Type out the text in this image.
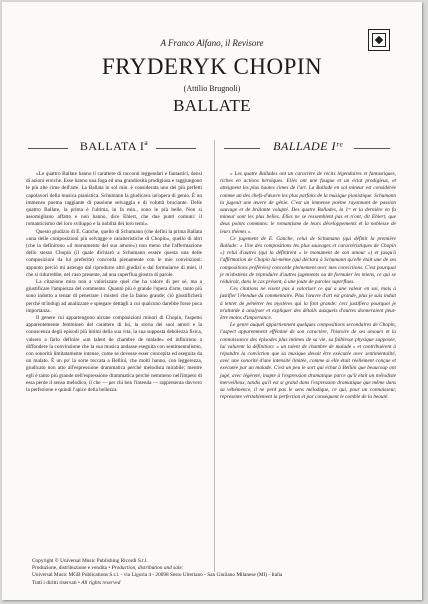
A Franco Alfano, il Revisore
FRYDERYK CHOPIN
(Attilio Brugnoli)
BALLATE
BALLATA Iª

«Le quattro Ballate hanno il carattere di racconti leggendari e fantastici, densi di azioni eroiche. Esse hanno una foga ed una grandiosità prodigiosa e raggiungono le più alte cime dell'arte. La Ballata in sol min. è considerata uno dei più perfetti capolavori della musica pianistica. Schumann la giudicava un'opera di genio. È un immenso poema raggiante di passione selvaggia e di voluttà bruciante. Delle quattro Ballate, la prima è l'ultima, in fa min., sono le più belle. Non si assomigliano affatto e non hanno, dice Ehlert, che due punti comuni: il romanticismo del loro sviluppo e la nobiltà dei loro temi».

Questo giudizio di E. Ganche, quello di Schumann (che definì la prima Ballata «una delle composizioni più selvagge e caratteristiche di Chopin», quello di altri (che la definirono «il monumento del suo amore») non meno che l'affermazione dello stesso Chopin (il quale dichiarò a Schumann essere questa una delle composizioni da lui preferite) concorda pienamente con le mie convinzioni: appunto perciò mi astengo dal riprodurre altri giudizi o dal formularne di miei, il che si ridurrebbe, nel caso presente, ad una superflua giostra di parole.

La citazione mira non a valorizzare quel che ha valore di per sé, ma a giustificare l'ampiezza del commento. Quanto più è grande l'opera d'arte, tanto più sono indotto a tentar di penetrare i misteri che la fanno grande; ciò giustificherà perché m'indugi ad analizzare e spiegare dettagli a cui qualcuno darebbe forse poca importanza.

Il genere cui appartengono alcune composizioni minori di Chopin, l'aspetto apparentemente femmineo del carattere di lui, la storia dei suoi amori e la conoscenza degli episodi più intimi della sua vita, la sua supposta debolezza fisica, valsero a farlo definire «un talent de chambre de malade» ed influirono a diffondere la convinzione che la sua musica andasse eseguita con sentimentalismo, con sonorità limitatamente intense, come se dovesse esser concepita ed eseguita da un malato. È un po' la sorte toccata a Bellini, che molti hanno, con leggerezza, giudicato non atto all'espressione drammatica perché melodista mirabile; mentre egli è tanto più grande nell'espressione drammatica perché nemmeno nell'impeto di essa perde il senso melodico, il che — per chi ben l'intenda — rappresenta davvero la perfezione e quindi l'apice della bellezza.

BALLADE Iʳᵉ

« Les quatre Ballades ont un caractère de récits légendaires et fantastiques, riches en actions héroïques. Elles ont une fougue et un éclat prodigieux, et atteignent les plus hautes cimes de l'art. La Ballade en sol mineur est considérée comme un des chefs-d'œuvre les plus parfaits de la musique pianistique. Schumann la jugeait une œuvre de génie. C'est un immense poème rayonnant de passion sauvage et de brûlante volupté. Des quatre Ballades, la 1ʳᵉ et la dernière en fa mineur sont les plus belles. Elles ne se ressemblent pas et n'ont, dit Ehlert, que deux points communs: le romantisme de leurs développements et la noblesse de leurs thèmes ».

Ce jugement de E. Ganche, celui de Schumann (qui définit la première Ballade: « Une des compositions les plus sauvages et caractéristiques de Chopin ») celui d'autres (qui la définirent « le monument de son amour ») et jusqu'à l'affirmation de Chopin lui-même (qui déclara à Schumann qu'elle était une de ses compositions préférées) concorde pleinement avec mes convictions. C'est pourquoi je m'abstiens de reproduire d'autres jugements ou de formuler les miens, ce qui se réduirait, dans le cas présent, à une joute de paroles superflues.

Ces citations ne visent pas à valoriser ce qui a une valeur en soi, mais à justifier l'étendue du commentaire. Plus l'œuvre d'art est grande, plus je suis induit à tenter de pénétrer les mystères qui la font grande: ceci justifiera pourquoi je m'attarde à analyser et expliquer des détails auxquels d'autres donneraient peut-être moins d'importance.

Le genre auquel appartiennent quelques compositions secondaires de Chopin, l'aspect apparemment efféminé de son caractère, l'histoire de ses amours et la connaissance des épisodes plus intimes de sa vie, sa faiblesse physique supposée, lui valurent la définition: « un talent de chambre de malade » et contribuèrent à répandre la conviction que sa musique devait être exécutée avec sentimentalité, avec une sonorité d'une intensité limitée, comme si elle était réellement conçue et exécutée par un malade. C'est un peu le sort qui échut à Bellini que beaucoup ont jugé, avec légèreté, inapte à l'expression dramatique parce qu'il était un mélodiste merveilleux, tandis qu'il est si grand dans l'expression dramatique que même dans sa véhémence, il ne perd pas le sens mélodique, ce qui, pour un connaisseur, représente véritablement la perfection et par conséquent le comble de la beauté.

Copyright © Universal Music Publishing Ricordi S.r.l.
Produzione, distribuzione e vendita • Production, distribution and sale:
Universal Music MGB Publications S.r.l. - via Liguria 4 - 20098 Sesto Ulteriano - San Giuliano Milanese (MI) - Italia
Tutti i diritti riservati • All rights reserved
